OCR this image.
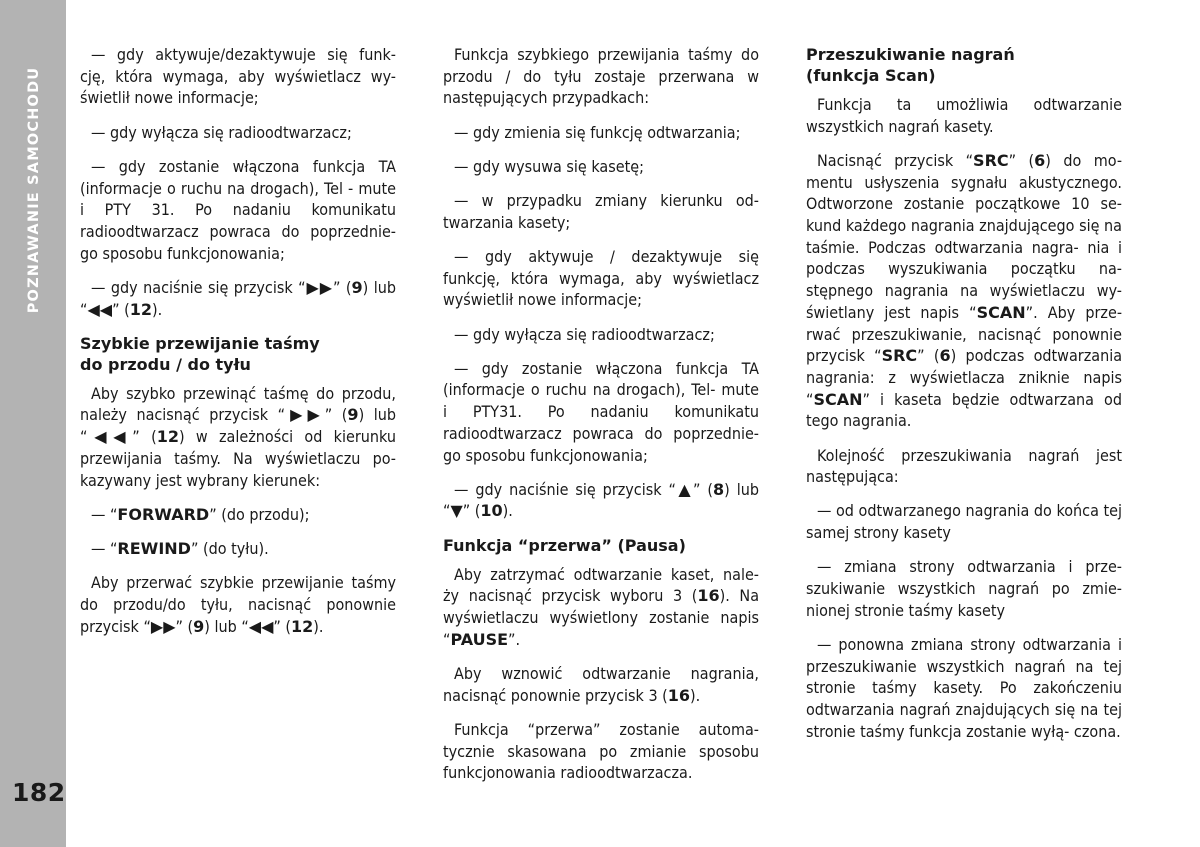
POZNAWANIE SAMOCHODU
182

— gdy aktywuje/dezaktywuje się funk- cję, która wymaga, aby wyświetlacz wy- świetlił nowe informacje;

— gdy wyłącza się radioodtwarzacz;

— gdy zostanie włączona funkcja TA (informacje o ruchu na drogach), Tel - mute i PTY 31. Po nadaniu komunikatu radioodtwarzacz powraca do poprzednie- go sposobu funkcjonowania;

— gdy naciśnie się przycisk “▶▶” (9) lub “◀◀” (12).

Szybkie przewijanie taśmy
do przodu / do tyłu

Aby szybko przewinąć taśmę do przodu, należy nacisnąć przycisk “▶▶” (9) lub “◀◀” (12) w zależności od kierunku przewijania taśmy. Na wyświetlaczu po- kazywany jest wybrany kierunek:

— “FORWARD” (do przodu);

— “REWIND” (do tyłu).

Aby przerwać szybkie przewijanie taśmy do przodu/do tyłu, nacisnąć ponownie przycisk “▶▶” (9) lub “◀◀” (12).

Funkcja szybkiego przewijania taśmy do przodu / do tyłu zostaje przerwana w następujących przypadkach:

— gdy zmienia się funkcję odtwarzania;

— gdy wysuwa się kasetę;

— w przypadku zmiany kierunku od- twarzania kasety;

— gdy aktywuje / dezaktywuje się funkcję, która wymaga, aby wyświetlacz wyświetlił nowe informacje;

— gdy wyłącza się radioodtwarzacz;

— gdy zostanie włączona funkcja TA (informacje o ruchu na drogach), Tel- mute i PTY31. Po nadaniu komunikatu radioodtwarzacz powraca do poprzednie- go sposobu funkcjonowania;

— gdy naciśnie się przycisk “▲” (8) lub “▼” (10).

Funkcja “przerwa” (Pausa)

Aby zatrzymać odtwarzanie kaset, nale- ży nacisnąć przycisk wyboru 3 (16). Na wyświetlaczu wyświetlony zostanie napis “PAUSE”.

Aby wznowić odtwarzanie nagrania, nacisnąć ponownie przycisk 3 (16).

Funkcja “przerwa” zostanie automa- tycznie skasowana po zmianie sposobu funkcjonowania radioodtwarzacza.

Przeszukiwanie nagrań
(funkcja Scan)

Funkcja ta umożliwia odtwarzanie wszystkich nagrań kasety.

Nacisnąć przycisk “SRC” (6) do mo- mentu usłyszenia sygnału akustycznego. Odtworzone zostanie początkowe 10 se- kund każdego nagrania znajdującego się na taśmie. Podczas odtwarzania nagra- nia i podczas wyszukiwania początku na- stępnego nagrania na wyświetlaczu wy- świetlany jest napis “SCAN”. Aby prze- rwać przeszukiwanie, nacisnąć ponownie przycisk “SRC” (6) podczas odtwarzania nagrania: z wyświetlacza zniknie napis “SCAN” i kaseta będzie odtwarzana od tego nagrania.

Kolejność przeszukiwania nagrań jest następująca:

— od odtwarzanego nagrania do końca tej samej strony kasety

— zmiana strony odtwarzania i prze- szukiwanie wszystkich nagrań po zmie- nionej stronie taśmy kasety

— ponowna zmiana strony odtwarzania i przeszukiwanie wszystkich nagrań na tej stronie taśmy kasety. Po zakończeniu odtwarzania nagrań znajdujących się na tej stronie taśmy funkcja zostanie wyłą- czona.
